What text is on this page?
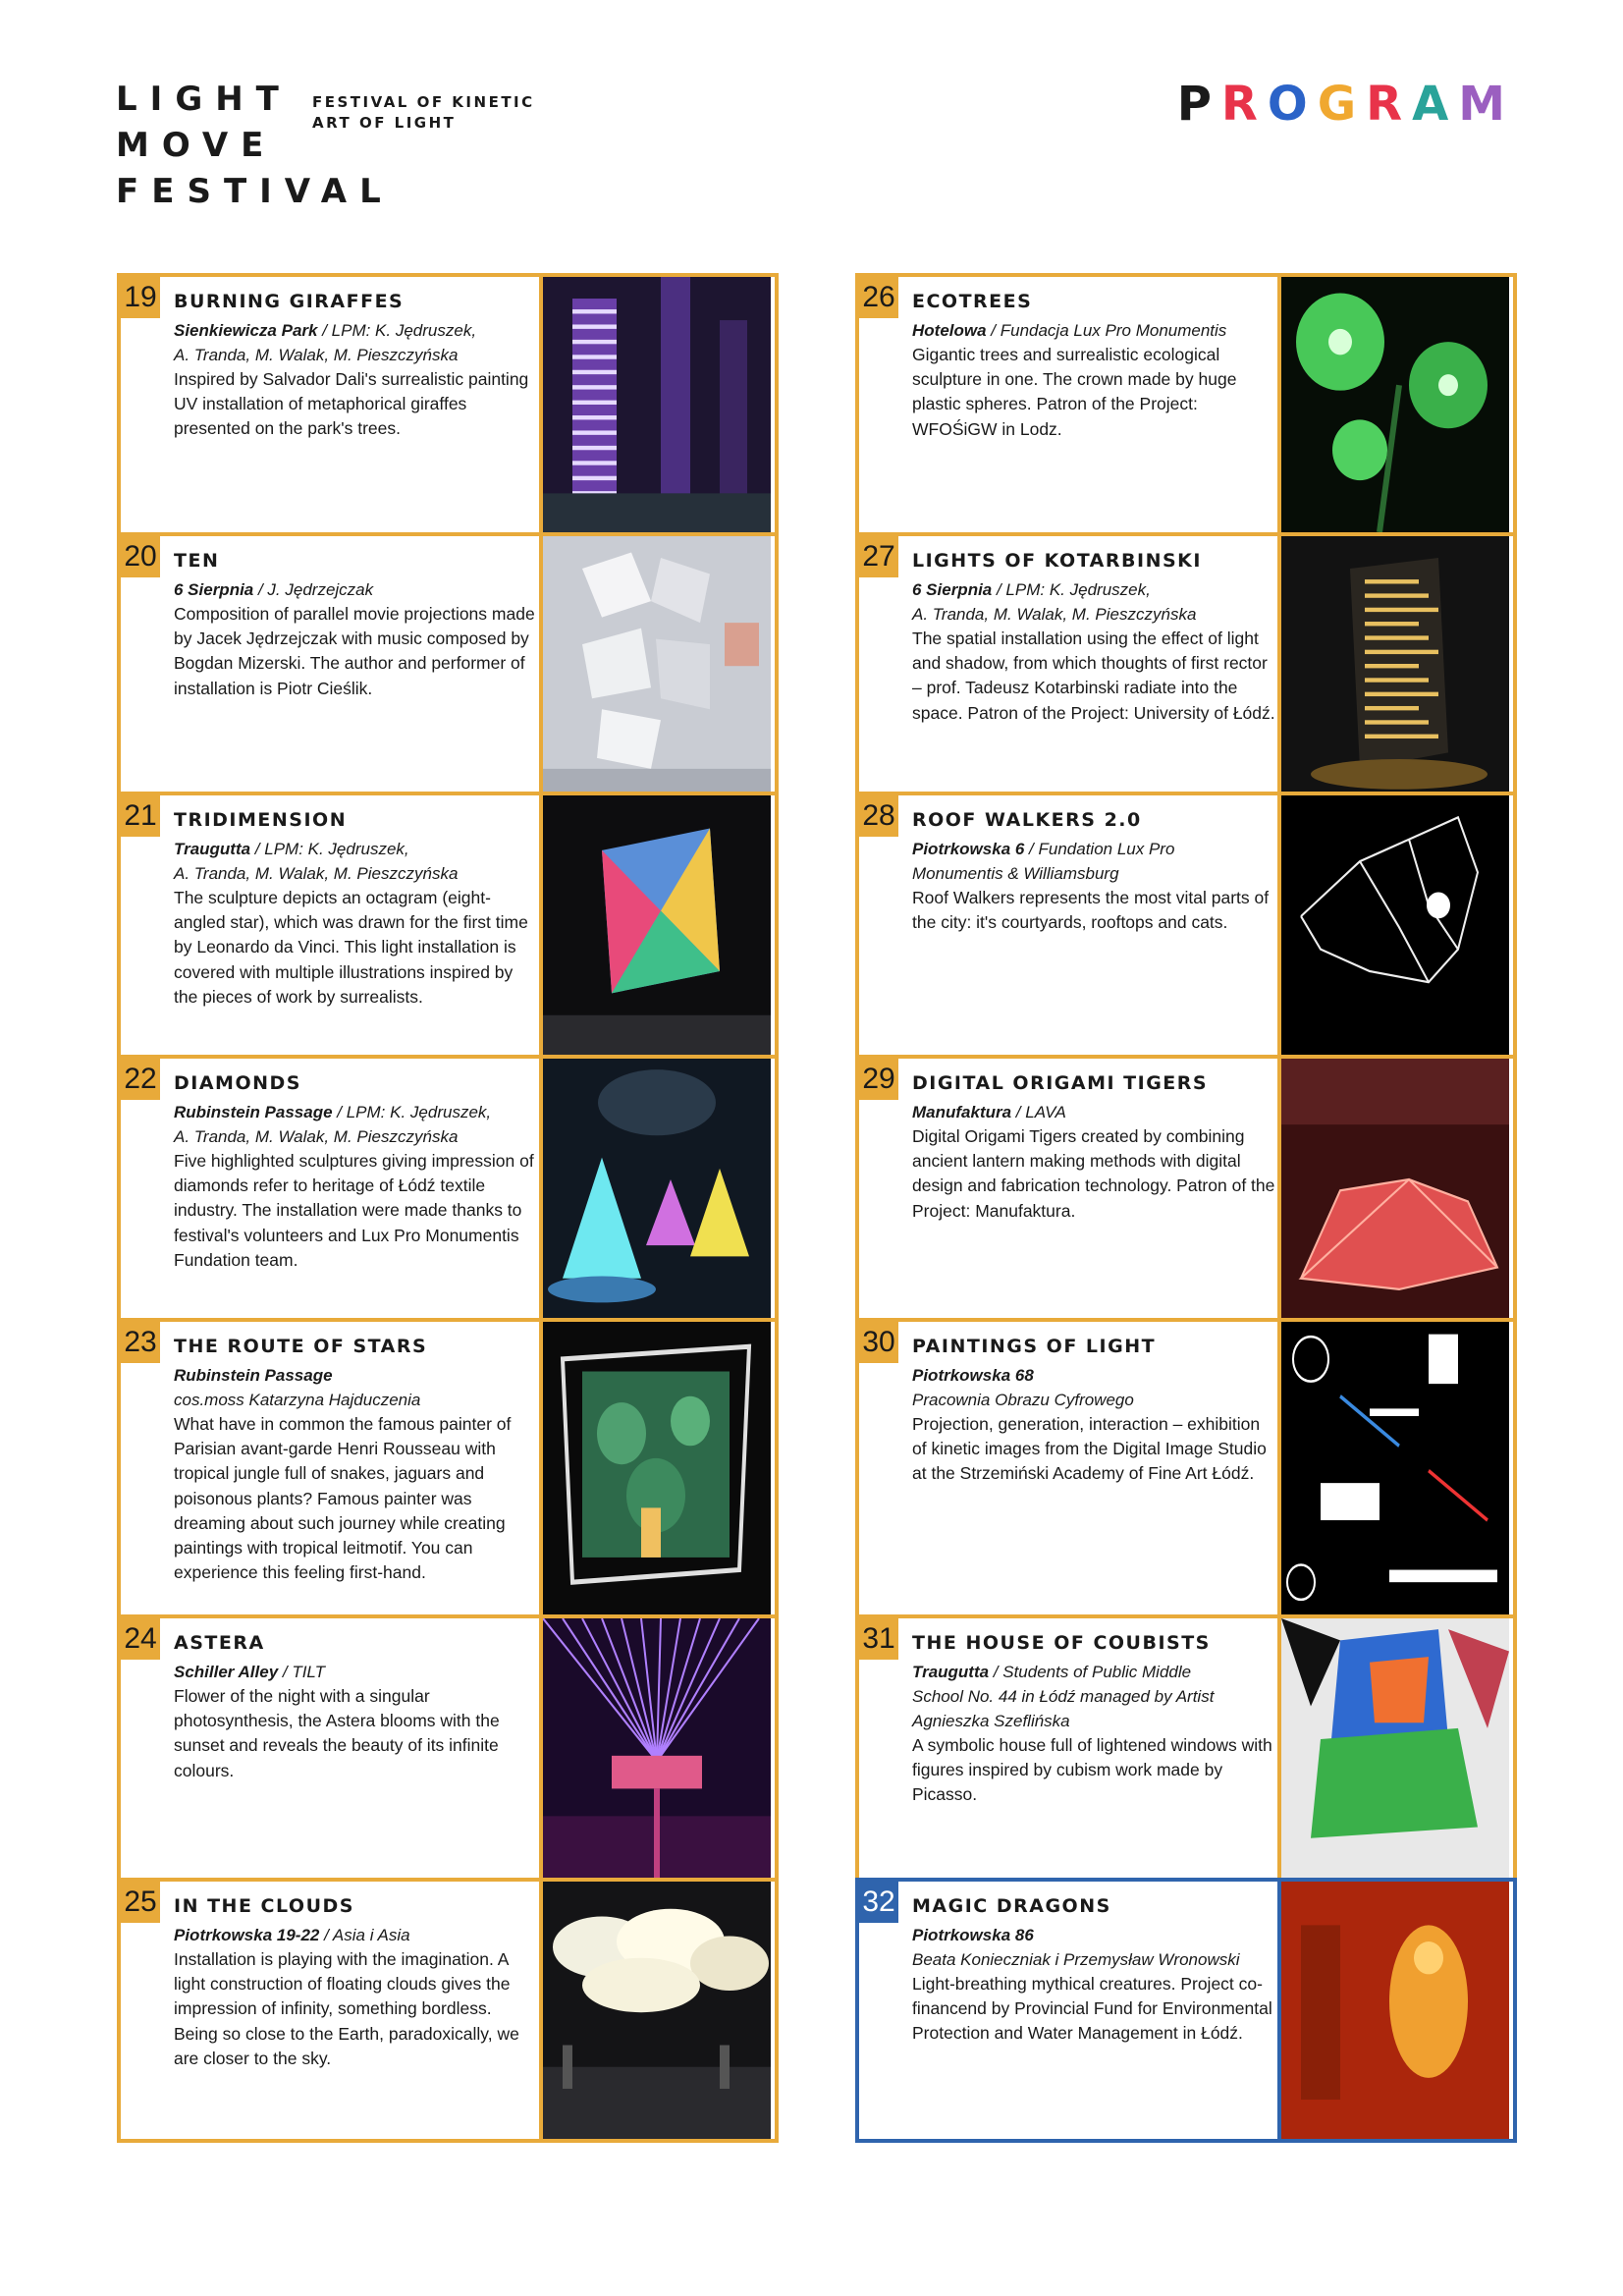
LIGHT
MOVE
FESTIVAL
FESTIVAL OF KINETIC
ART OF LIGHT	PROGRAM
19 BURNING GIRAFFES

Sienkiewicza Park / LPM: K. Jędruszek,

A. Tranda, M. Walak, M. Pieszczyńska

Inspired by Salvador Dali's surrealistic painting UV installation of metaphorical giraffes presented on the park's trees.

20 TEN

6 Sierpnia / J. Jędrzejczak

Composition of parallel movie projections made by Jacek Jędrzejczak with music composed by Bogdan Mizerski. The author and performer of installation is Piotr Cieślik.

21 TRIDIMENSION

Traugutta / LPM: K. Jędruszek,

A. Tranda, M. Walak, M. Pieszczyńska

The sculpture depicts an octagram (eight-angled star), which was drawn for the first time by Leonardo da Vinci. This light installation is covered with multiple illustrations inspired by the pieces of work by surrealists.

22 DIAMONDS

Rubinstein Passage / LPM: K. Jędruszek,

A. Tranda, M. Walak, M. Pieszczyńska

Five highlighted sculptures giving impression of diamonds refer to heritage of Łódź textile industry. The installation were made thanks to festival's volunteers and Lux Pro Monumentis Fundation team.

23 THE ROUTE OF STARS

Rubinstein Passage

cos.moss Katarzyna Hajduczenia

What have in common the famous painter of Parisian avant-garde Henri Rousseau with tropical jungle full of snakes, jaguars and poisonous plants? Famous painter was dreaming about such journey while creating paintings with tropical leitmotif. You can experience this feeling first-hand.

24 ASTERA

Schiller Alley / TILT

Flower of the night with a singular photosynthesis, the Astera blooms with the sunset and reveals the beauty of its infinite colours.

25 IN THE CLOUDS

Piotrkowska 19-22 / Asia i Asia

Installation is playing with the imagination. A light construction of floating clouds gives the impression of infinity, something bordless. Being so close to the Earth, paradoxically, we are closer to the sky.

26 ECOTREES

Hotelowa / Fundacja Lux Pro Monumentis

Gigantic trees and surrealistic ecological sculpture in one. The crown made by huge plastic spheres. Patron of the Project: WFOŚiGW in Lodz.

27 LIGHTS OF KOTARBINSKI

6 Sierpnia / LPM: K. Jędruszek,

A. Tranda, M. Walak, M. Pieszczyńska

The spatial installation using the effect of light and shadow, from which thoughts of first rector – prof. Tadeusz Kotarbinski radiate into the space. Patron of the Project: University of Łódź.

28 ROOF WALKERS 2.0

Piotrkowska 6 / Fundation Lux Pro

Monumentis & Williamsburg

Roof Walkers represents the most vital parts of the city: it's courtyards, rooftops and cats.

29 DIGITAL ORIGAMI TIGERS

Manufaktura / LAVA

Digital Origami Tigers created by combining ancient lantern making methods with digital design and fabrication technology. Patron of the Project: Manufaktura.

30 PAINTINGS OF LIGHT

Piotrkowska 68

Pracownia Obrazu Cyfrowego

Projection, generation, interaction – exhibition of kinetic images from the Digital Image Studio at the Strzemiński Academy of Fine Art Łódź.

31 THE HOUSE OF COUBISTS

Traugutta / Students of Public Middle

School No. 44 in Łódź managed by Artist Agnieszka Szeflińska

A symbolic house full of lightened windows with figures inspired by cubism work made by Picasso.

32 MAGIC DRAGONS

Piotrkowska 86

Beata Konieczniak i Przemysław Wronowski

Light-breathing mythical creatures. Project co-financend by Provincial Fund for Environmental Protection and Water Management in Łódź.
